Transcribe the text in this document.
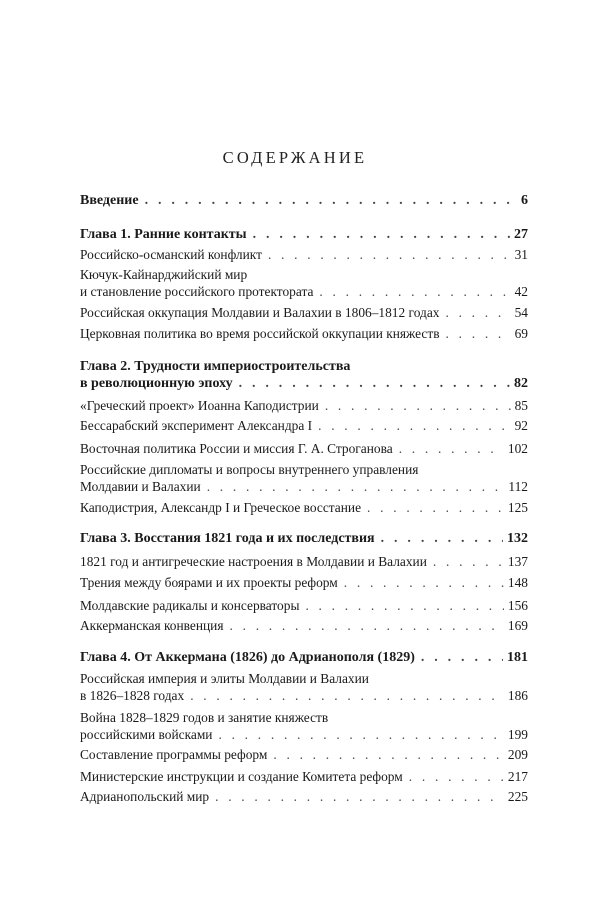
СОДЕРЖАНИЕ
Введение . . .	6
Глава 1. Ранние контакты . . .	27
Российско-османский конфликт . . .	31
Кючук-Кайнарджийский мир
и становление российского протектората . . .	42
Российская оккупация Молдавии и Валахии в 1806–1812 годах . . .	54
Церковная политика во время российской оккупации княжеств . . .	69
Глава 2. Трудности империостроительства
в революционную эпоху . . .	82
«Греческий проект» Иоанна Каподистрии . . .	85
Бессарабский эксперимент Александра I . . .	92
Восточная политика России и миссия Г. А. Строганова . . .	102
Российские дипломаты и вопросы внутреннего управления
Молдавии и Валахии . . .	112
Каподистрия, Александр I и Греческое восстание . . .	125
Глава 3. Восстания 1821 года и их последствия . . .	132
1821 год и антигреческие настроения в Молдавии и Валахии . . .	137
Трения между боярами и их проекты реформ . . .	148
Молдавские радикалы и консерваторы . . .	156
Аккерманская конвенция . . .	169
Глава 4. От Аккермана (1826) до Адрианополя (1829) . . .	181
Российская империя и элиты Молдавии и Валахии
в 1826–1828 годах . . .	186
Война 1828–1829 годов и занятие княжеств
российскими войсками . . .	199
Составление программы реформ . . .	209
Министерские инструкции и создание Комитета реформ . . .	217
Адрианопольский мир . . .	225
